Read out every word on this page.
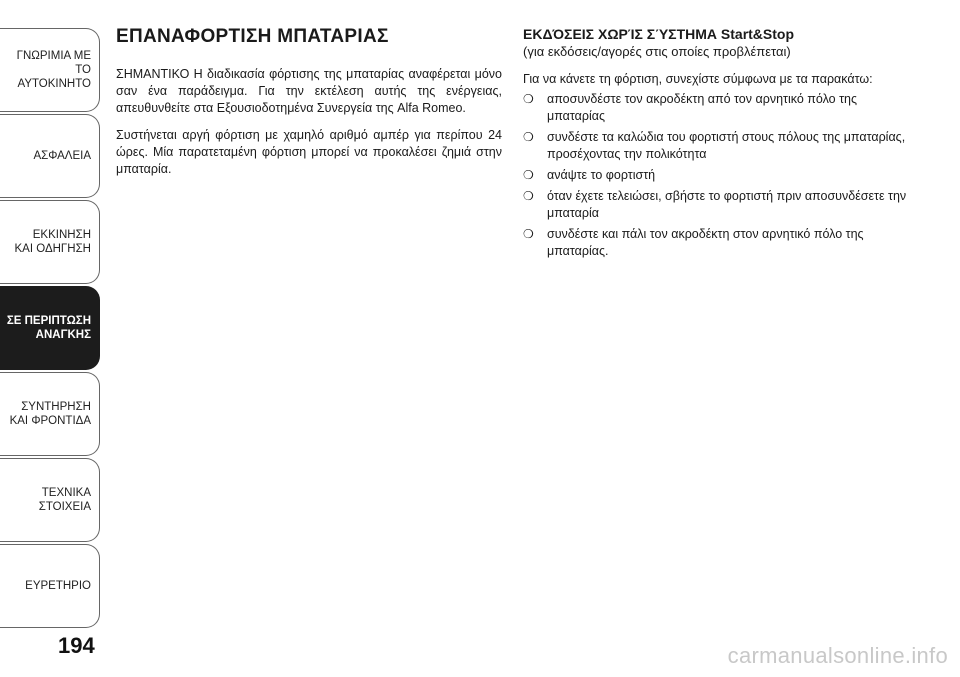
ΓΝΩΡΙΜΙΑ ΜΕ ΤΟ
ΑΥΤΟΚΙΝΗΤΟ
ΑΣΦΑΛΕΙΑ
ΕΚΚΙΝΗΣΗ
ΚΑΙ ΟΔΗΓΗΣΗ
ΣΕ ΠΕΡΙΠΤΩΣΗ
ΑΝΑΓΚΗΣ
ΣΥΝΤΗΡΗΣΗ
ΚΑΙ ΦΡΟΝΤΙΔΑ
ΤΕΧΝΙΚΑ
ΣΤΟΙΧΕΙΑ
ΕΥΡΕΤΗΡΙΟ
194
ΕΠΑΝΑΦΟΡΤΙΣΗ ΜΠΑΤΑΡΙΑΣ

ΣΗΜΑΝΤΙΚΟ Η διαδικασία φόρτισης της μπαταρίας αναφέρεται μόνο σαν ένα παράδειγμα. Για την εκτέλεση αυτής της ενέργειας, απευθυνθείτε στα Εξουσιοδοτημένα Συνεργεία της Alfa Romeo.

Συστήνεται αργή φόρτιση με χαμηλό αριθμό αμπέρ για περίπου 24 ώρες. Μία παρατεταμένη φόρτιση μπορεί να προκαλέσει ζημιά στην μπαταρία.

ΕΚΔΌΣΕΙΣ ΧΩΡΊΣ ΣΎΣΤΗΜΑ Start&Stop

(για εκδόσεις/αγορές στις οποίες προβλέπεται)

Για να κάνετε τη φόρτιση, συνεχίστε σύμφωνα με τα παρακάτω:

❍ αποσυνδέστε τον ακροδέκτη από τον αρνητικό πόλο της μπαταρίας
❍ συνδέστε τα καλώδια του φορτιστή στους πόλους της μπαταρίας, προσέχοντας την πολικότητα
❍ ανάψτε το φορτιστή
❍ όταν έχετε τελειώσει, σβήστε το φορτιστή πριν αποσυνδέσετε την μπαταρία
❍ συνδέστε και πάλι τον ακροδέκτη στον αρνητικό πόλο της μπαταρίας.
carmanualsonline.info
